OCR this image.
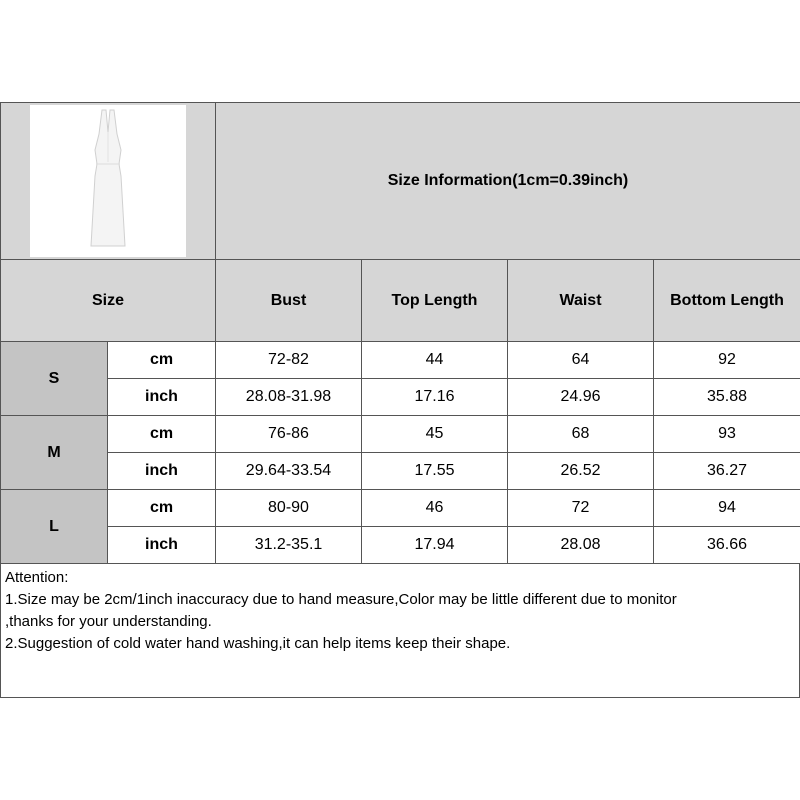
	Size Information(1cm=0.39inch)			
Size		Bust	Top Length	Waist	Bottom Length
S	cm	72-82	44	64	92
	inch	28.08-31.98	17.16	24.96	35.88
M	cm	76-86	45	68	93
	inch	29.64-33.54	17.55	26.52	36.27
L	cm	80-90	46	72	94
	inch	31.2-35.1	17.94	28.08	36.66
Attention:
1.Size may be 2cm/1inch inaccuracy due to hand measure,Color may be little different due to monitor
,thanks for your understanding.
2.Suggestion of cold water hand washing,it can help items keep their shape.
